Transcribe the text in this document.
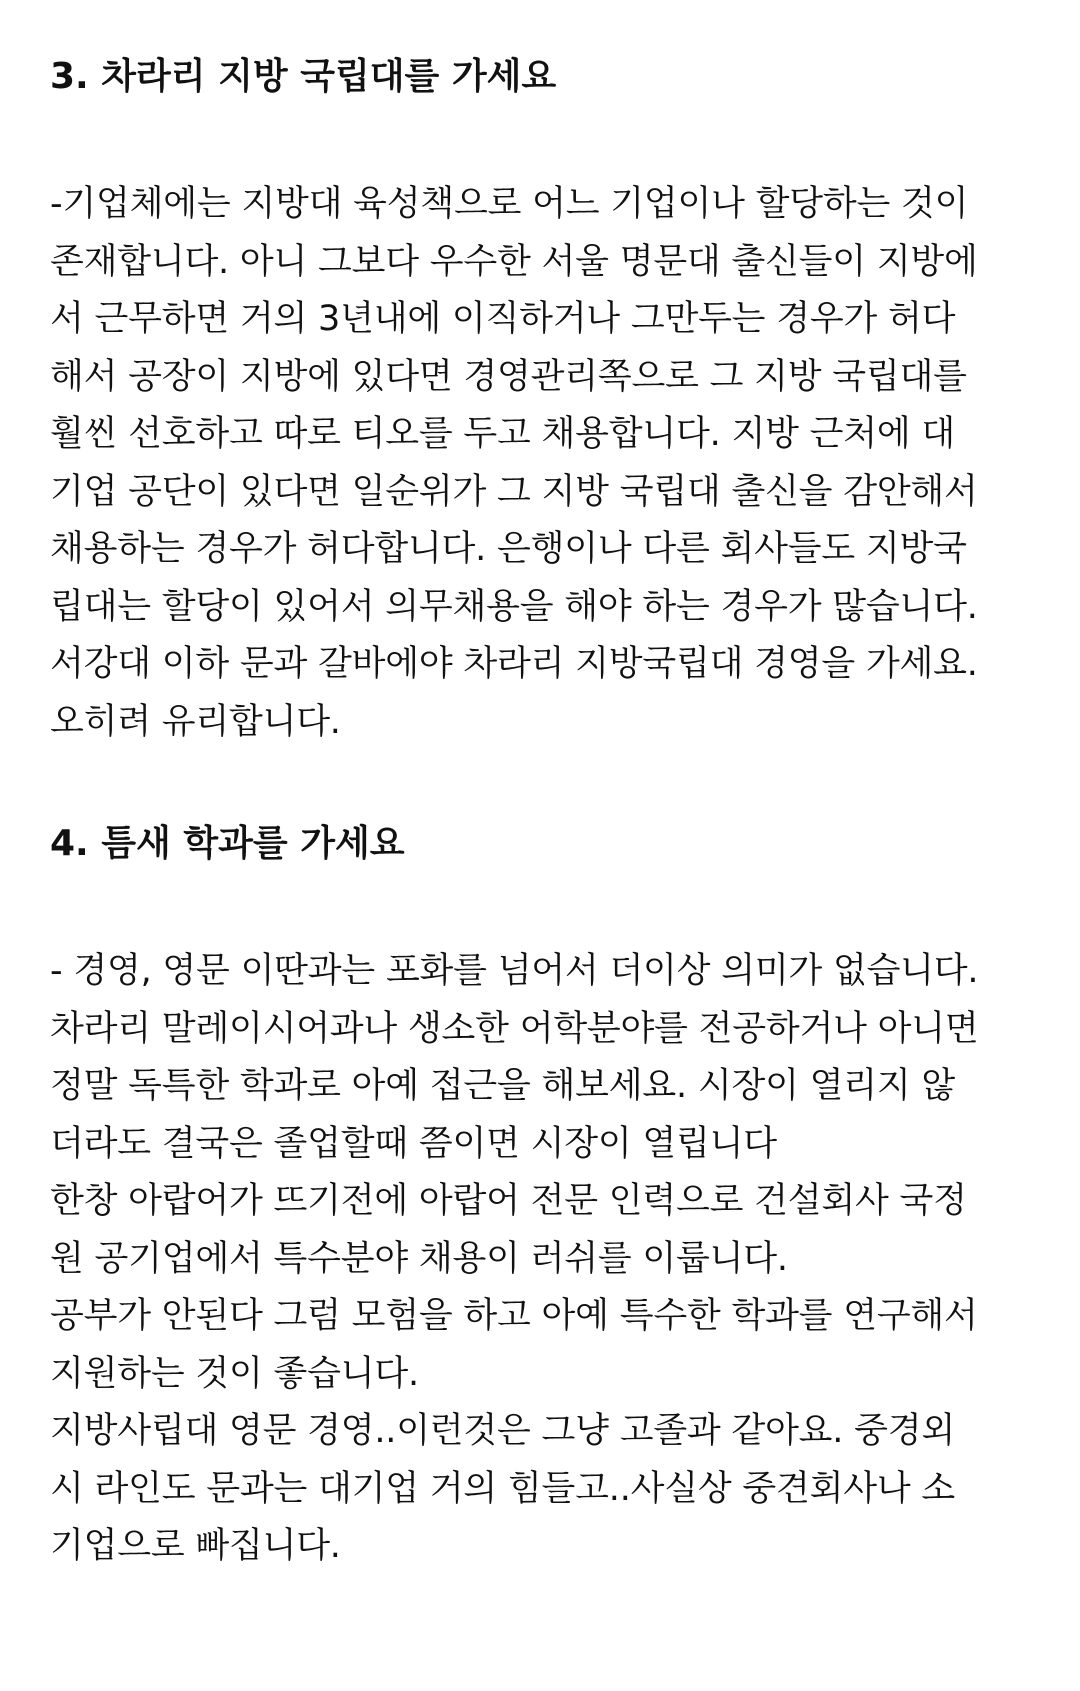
3. 차라리 지방 국립대를 가세요
-기업체에는 지방대 육성책으로 어느 기업이나 할당하는 것이
존재합니다. 아니 그보다 우수한 서울 명문대 출신들이 지방에
서 근무하면 거의 3년내에 이직하거나 그만두는 경우가 허다
해서 공장이 지방에 있다면 경영관리쪽으로 그 지방 국립대를
훨씬 선호하고 따로 티오를 두고 채용합니다. 지방 근처에 대
기업 공단이 있다면 일순위가 그 지방 국립대 출신을 감안해서
채용하는 경우가 허다합니다. 은행이나 다른 회사들도 지방국
립대는 할당이 있어서 의무채용을 해야 하는 경우가 많습니다.
서강대 이하 문과 갈바에야 차라리 지방국립대 경영을 가세요.
오히려 유리합니다.
4. 틈새 학과를 가세요
- 경영, 영문 이딴과는 포화를 넘어서 더이상 의미가 없습니다.
차라리 말레이시어과나 생소한 어학분야를 전공하거나 아니면
정말 독특한 학과로 아예 접근을 해보세요. 시장이 열리지 않
더라도 결국은 졸업할때 쯤이면 시장이 열립니다
한창 아랍어가 뜨기전에 아랍어 전문 인력으로 건설회사 국정
원 공기업에서 특수분야 채용이 러쉬를 이룹니다.
공부가 안된다 그럼 모험을 하고 아예 특수한 학과를 연구해서
지원하는 것이 좋습니다.
지방사립대 영문 경영..이런것은 그냥 고졸과 같아요. 중경외
시 라인도 문과는 대기업 거의 힘들고..사실상 중견회사나 소
기업으로 빠집니다.
